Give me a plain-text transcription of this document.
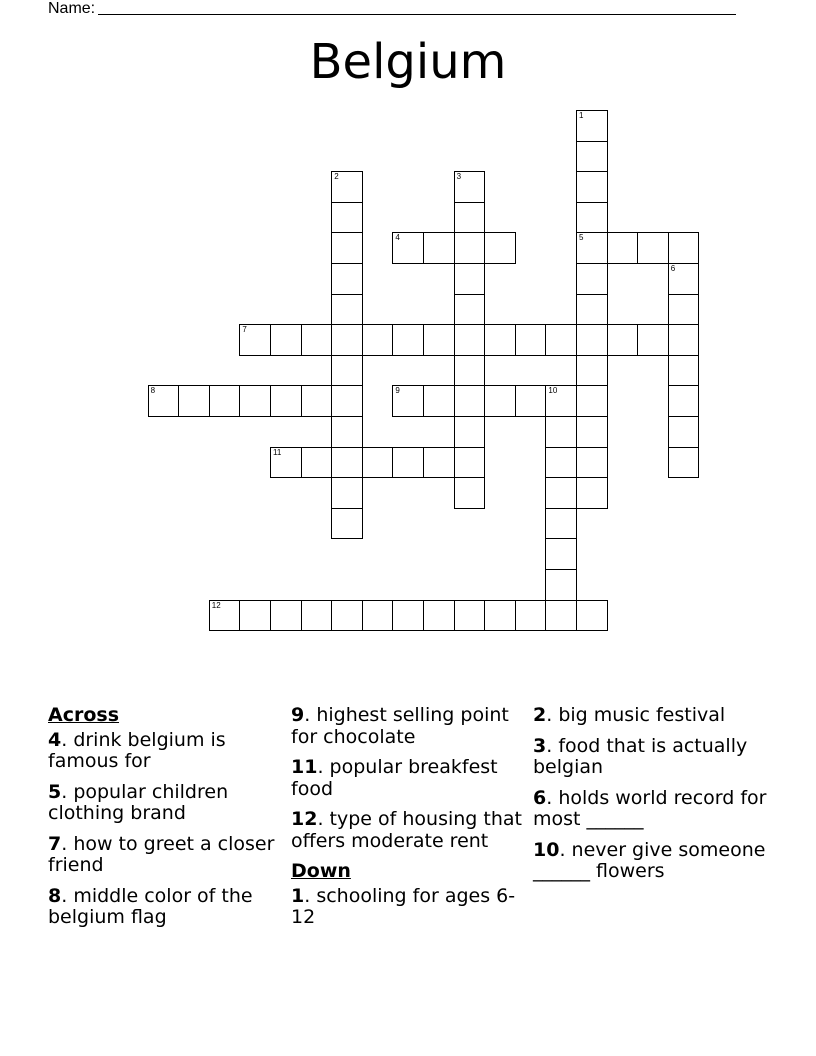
Name:
Belgium
1
5
2	3
4
6
7
8	9	10
11
12
Across
4. drink belgium is famous for
5. popular children clothing brand
7. how to greet a closer friend
8. middle color of the belgium flag
9. highest selling point for chocolate
11. popular breakfest food
12. type of housing that offers moderate rent
Down
1. schooling for ages 6-12
2. big music festival
3. food that is actually belgian
6. holds world record for most ______
10. never give someone ______ flowers
